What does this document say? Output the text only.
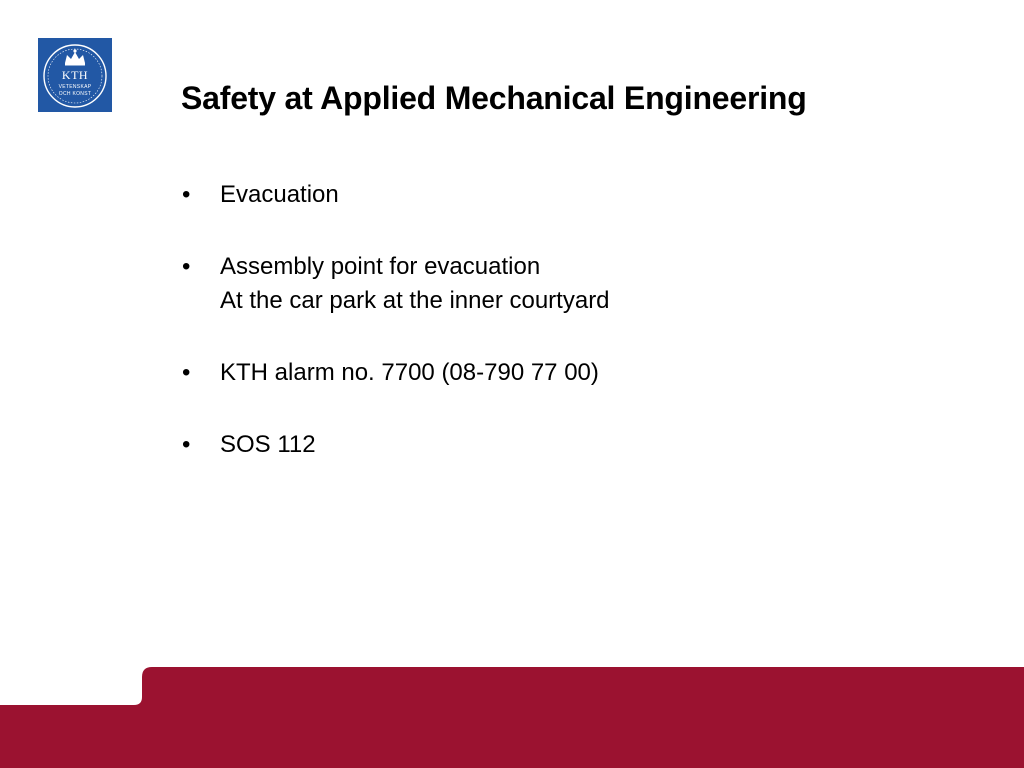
KTH
VETENSKAP
OCH KONST	Safety at Applied Mechanical Engineering
• Evacuation
• Assembly point for evacuation
At the car park at the inner courtyard
• KTH alarm no. 7700 (08-790 77 00)
• SOS 112
